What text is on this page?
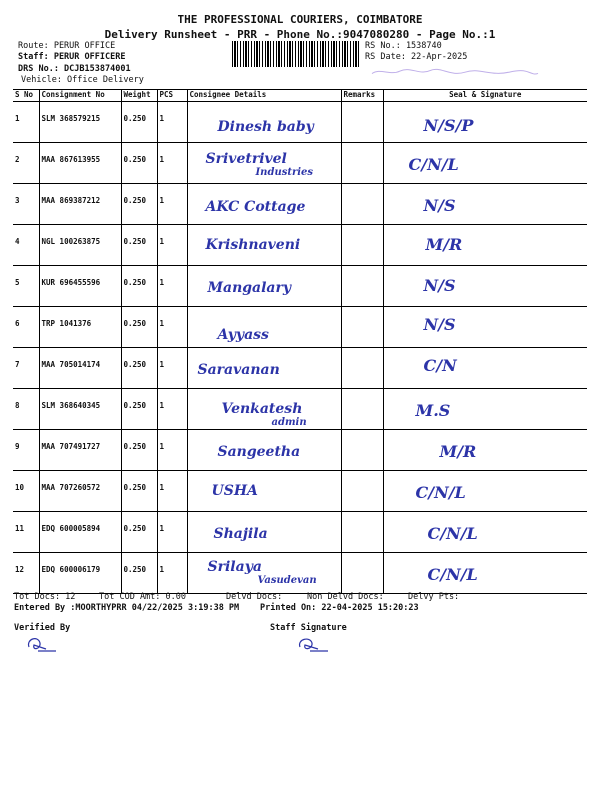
THE PROFESSIONAL COURIERS, COIMBATORE
Delivery Runsheet - PRR - Phone No.:9047080280 - Page No.:1
Route: PERUR OFFICE
Staff: PERUR OFFICERE
DRS No.: DCJB153874001
Vehicle: Office Delivery
RS No.: 1538740
RS Date: 22-Apr-2025
S No	Consignment No	Weight	PCS	Consignee Details	Remarks	Seal & Signature
1	SLM 368579215	0.250	1	Dinesh baby		N/S/P

2	MAA 867613955	0.250	1	Srivetrivel
Industries		C/N/L

3	MAA 869387212	0.250	1	AKC Cottage		N/S

4	NGL 100263875	0.250	1	Krishnaveni		M/R

5	KUR 696455596	0.250	1	Mangalary		N/S

6	TRP 1041376	0.250	1	Ayyass		N/S

7	MAA 705014174	0.250	1	Saravanan		C/N

8	SLM 368640345	0.250	1	Venkatesh
admin		M.S

9	MAA 707491727	0.250	1	Sangeetha		M/R

10	MAA 707260572	0.250	1	USHA		C/N/L

11	EDQ 600005894	0.250	1	Shajila		C/N/L

12	EDQ 600006179	0.250	1	Srilaya
Vasudevan		C/N/L
Tot Docs: 12	Tot COD Amt: 0.00	Delvd Docs:	Non Delvd Docs:	Delvy Pts:
Entered By :MOORTHYPRR 04/22/2025 3:19:38 PM Printed On: 22-04-2025 15:20:23
Verified By	Staff Signature
